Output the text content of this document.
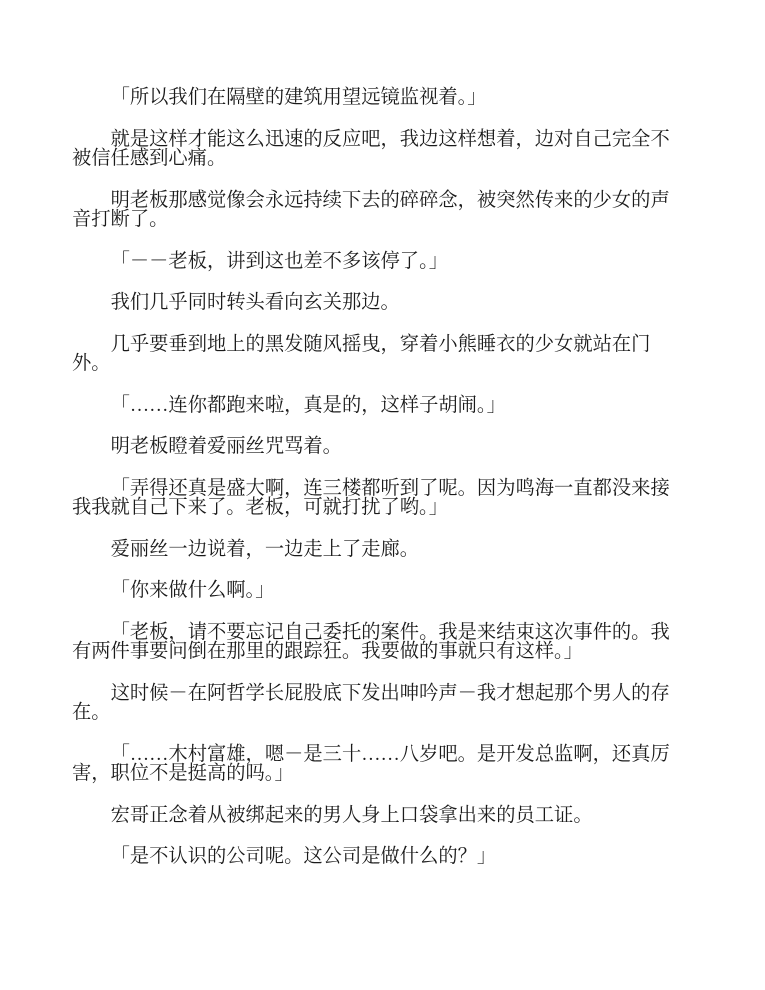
「所以我们在隔壁的建筑用望远镜监视着。」

就是这样才能这么迅速的反应吧，我边这样想着，边对自己完全不被信任感到心痛。

明老板那感觉像会永远持续下去的碎碎念，被突然传来的少女的声音打断了。

「－－老板，讲到这也差不多该停了。」

我们几乎同时转头看向玄关那边。

几乎要垂到地上的黑发随风摇曳，穿着小熊睡衣的少女就站在门外。

「……连你都跑来啦，真是的，这样子胡闹。」

明老板瞪着爱丽丝咒骂着。

「弄得还真是盛大啊，连三楼都听到了呢。因为鸣海一直都没来接我我就自己下来了。老板，可就打扰了哟。」

爱丽丝一边说着，一边走上了走廊。

「你来做什么啊。」

「老板，请不要忘记自己委托的案件。我是来结束这次事件的。我有两件事要问倒在那里的跟踪狂。我要做的事就只有这样。」

这时候－在阿哲学长屁股底下发出呻吟声－我才想起那个男人的存在。

「……木村富雄，嗯－是三十……八岁吧。是开发总监啊，还真厉害，职位不是挺高的吗。」

宏哥正念着从被绑起来的男人身上口袋拿出来的员工证。

「是不认识的公司呢。这公司是做什么的？」
